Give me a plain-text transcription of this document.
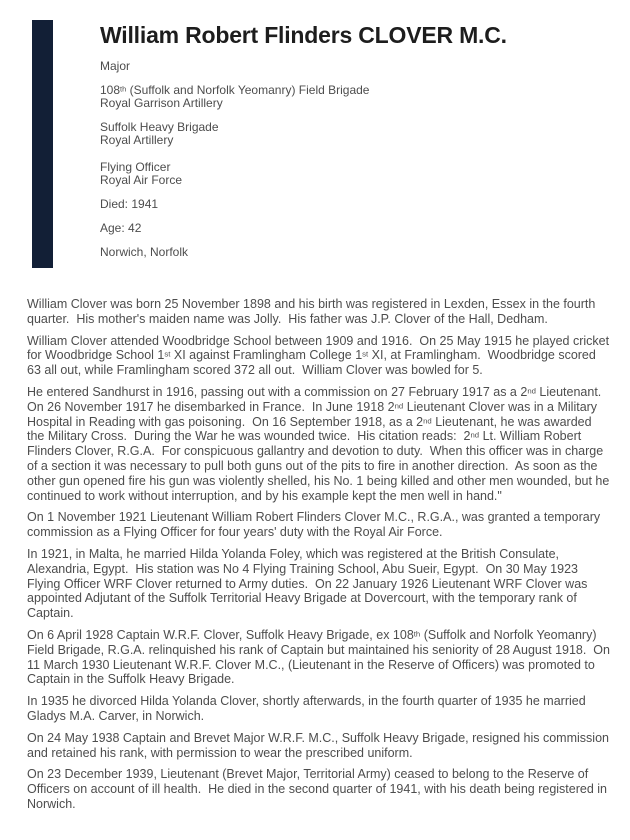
William Robert Flinders CLOVER M.C.
Major
108th (Suffolk and Norfolk Yeomanry) Field Brigade
Royal Garrison Artillery
Suffolk Heavy Brigade
Royal Artillery
Flying Officer
Royal Air Force
Died: 1941
Age: 42
Norwich, Norfolk

William Clover was born 25 November 1898 and his birth was registered in Lexden, Essex in the fourth quarter.  His mother's maiden name was Jolly.  His father was J.P. Clover of the Hall, Dedham.

William Clover attended Woodbridge School between 1909 and 1916.  On 25 May 1915 he played cricket for Woodbridge School 1st XI against Framlingham College 1st XI, at Framlingham.  Woodbridge scored 63 all out, while Framlingham scored 372 all out.  William Clover was bowled for 5.

He entered Sandhurst in 1916, passing out with a commission on 27 February 1917 as a 2nd Lieutenant.  On 26 November 1917 he disembarked in France.  In June 1918 2nd Lieutenant Clover was in a Military Hospital in Reading with gas poisoning.  On 16 September 1918, as a 2nd Lieutenant, he was awarded the Military Cross.  During the War he was wounded twice.  His citation reads:  2nd Lt. William Robert Flinders Clover, R.G.A.  For conspicuous gallantry and devotion to duty.  When this officer was in charge of a section it was necessary to pull both guns out of the pits to fire in another direction.  As soon as the other gun opened fire his gun was violently shelled, his No. 1 being killed and other men wounded, but he continued to work without interruption, and by his example kept the men well in hand."

On 1 November 1921 Lieutenant William Robert Flinders Clover M.C., R.G.A., was granted a temporary commission as a Flying Officer for four years' duty with the Royal Air Force.

In 1921, in Malta, he married Hilda Yolanda Foley, which was registered at the British Consulate, Alexandria, Egypt.  His station was No 4 Flying Training School, Abu Sueir, Egypt.  On 30 May 1923 Flying Officer WRF Clover returned to Army duties.  On 22 January 1926 Lieutenant WRF Clover was appointed Adjutant of the Suffolk Territorial Heavy Brigade at Dovercourt, with the temporary rank of Captain.

On 6 April 1928 Captain W.R.F. Clover, Suffolk Heavy Brigade, ex 108th (Suffolk and Norfolk Yeomanry) Field Brigade, R.G.A. relinquished his rank of Captain but maintained his seniority of 28 August 1918.  On 11 March 1930 Lieutenant W.R.F. Clover M.C., (Lieutenant in the Reserve of Officers) was promoted to Captain in the Suffolk Heavy Brigade.

In 1935 he divorced Hilda Yolanda Clover, shortly afterwards, in the fourth quarter of 1935 he married Gladys M.A. Carver, in Norwich.

On 24 May 1938 Captain and Brevet Major W.R.F. M.C., Suffolk Heavy Brigade, resigned his commission and retained his rank, with permission to wear the prescribed uniform.

On 23 December 1939, Lieutenant (Brevet Major, Territorial Army) ceased to belong to the Reserve of Officers on account of ill health.  He died in the second quarter of 1941, with his death being registered in Norwich.
